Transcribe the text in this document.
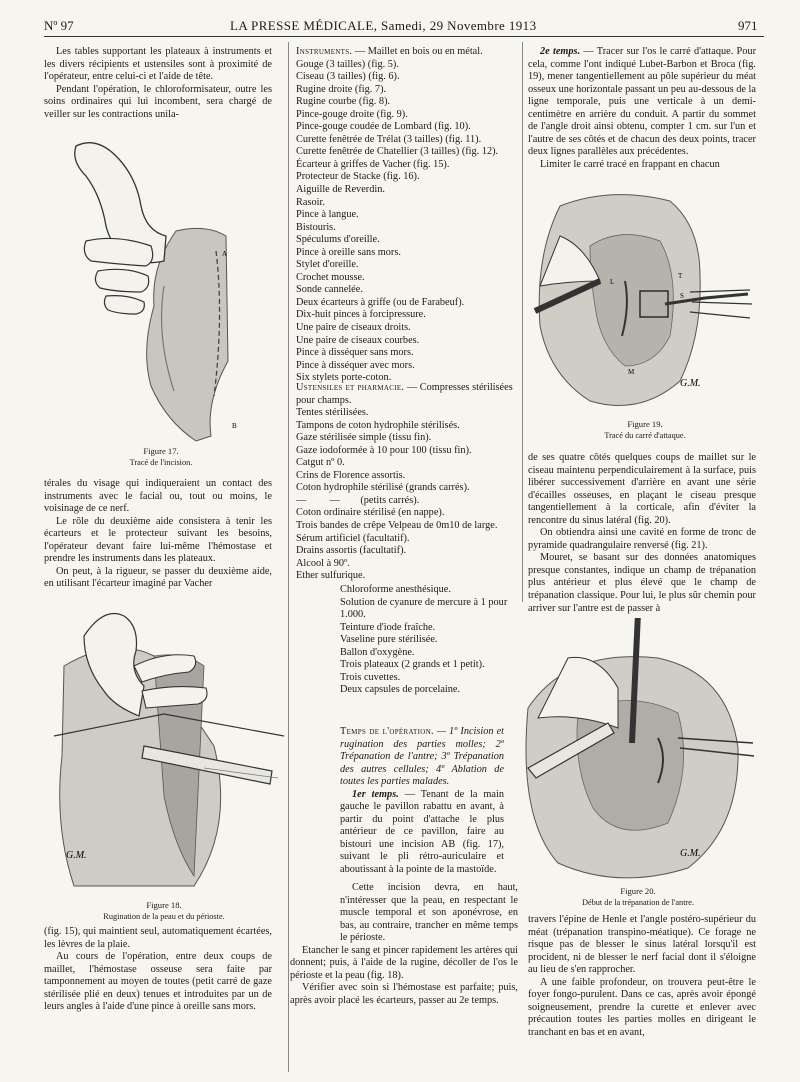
Nº 97	LA PRESSE MÉDICALE, Samedi, 29 Novembre 1913	971

Les tables supportant les plateaux à instruments et les divers récipients et ustensiles sont à proximité de l'opérateur, entre celui-ci et l'aide de tête.

Pendant l'opération, le chloroformisateur, outre les soins ordinaires qui lui incombent, sera chargé de veiller sur les contractions unila-

A
B
Figure 17.
Tracé de l'incision.

térales du visage qui indiqueraient un contact des instruments avec le facial ou, tout ou moins, le voisinage de ce nerf.

Le rôle du deuxième aide consistera à tenir les écarteurs et le protecteur suivant les besoins, l'opérateur devant faire lui-même l'hémostase et prendre les instruments dans les plateaux.

On peut, à la rigueur, se passer du deuxième aide, en utilisant l'écarteur imaginé par Vacher

G.M.
Figure 18.
Rugination de la peau et du périoste.

(fig. 15), qui maintient seul, automatiquement écartées, les lèvres de la plaie.

Au cours de l'opération, entre deux coups de maillet, l'hémostase osseuse sera faite par tamponnement au moyen de toutes (petit carré de gaze stérilisée plié en deux) tenues et introduites par un de leurs angles à l'aide d'une pince à oreille sans mors.

Instruments. — Maillet en bois ou en métal.
Gouge (3 tailles) (fig. 5).
Ciseau (3 tailles) (fig. 6).
Rugine droite (fig. 7).
Rugine courbe (fig. 8).
Pince-gouge droite (fig. 9).
Pince-gouge coudée de Lombard (fig. 10).
Curette fenêtrée de Trélat (3 tailles) (fig. 11).
Curette fenêtrée de Chatellier (3 tailles) (fig. 12).
Écarteur à griffes de Vacher (fig. 15).
Protecteur de Stacke (fig. 16).
Aiguille de Reverdin.
Rasoir.
Pince à langue.
Bistouris.
Spéculums d'oreille.
Pince à oreille sans mors.
Stylet d'oreille.
Crochet mousse.
Sonde cannelée.
Deux écarteurs à griffe (ou de Farabeuf).
Dix-huit pinces à forcipressure.
Une paire de ciseaux droits.
Une paire de ciseaux courbes.
Pince à disséquer sans mors.
Pince à disséquer avec mors.
Six stylets porte-coton.
Ustensiles et pharmacie. — Compresses stérilisées pour champs.
Tentes stérilisées.
Tampons de coton hydrophile stérilisés.
Gaze stérilisée simple (tissu fin).
Gaze iodoformée à 10 pour 100 (tissu fin).
Catgut nº 0.
Crins de Florence assortis.
Coton hydrophile stérilisé (grands carrés).
—         —        (petits carrés).
Coton ordinaire stérilisé (en nappe).
Trois bandes de crêpe Velpeau de 0m10 de large.
Sérum artificiel (facultatif).
Drains assortis (facultatif).
Alcool à 90º.
Ether sulfurique.
Chloroforme anesthésique.
Solution de cyanure de mercure à 1 pour 1.000.
Teinture d'iode fraîche.
Vaseline pure stérilisée.
Ballon d'oxygène.
Trois plateaux (2 grands et 1 petit).
Trois cuvettes.
Deux capsules de porcelaine.

Temps de l'opération. — 1º Incision et rugination des parties molles; 2º Trépanation de l'antre; 3º Trépanation des autres cellules; 4º Ablation de toutes les parties malades.

1er temps. — Tenant de la main gauche le pavillon rabattu en avant, à partir du point d'attache le plus antérieur de ce pavillon, faire au bistouri une incision AB (fig. 17), suivant le pli rétro-auriculaire et aboutissant à la pointe de la mastoïde.

Cette incision devra, en haut, n'intéresser que la peau, en respectant le muscle temporal et son aponévrose, en bas, au contraire, trancher en même temps le périoste.

Etancher le sang et pincer rapidement les artères qui donnent; puis, à l'aide de la rugine, décoller de l'os le périoste et la peau (fig. 18).

Vérifier avec soin si l'hémostase est parfaite; puis, après avoir placé les écarteurs, passer au 2e temps.

2e temps. — Tracer sur l'os le carré d'attaque. Pour cela, comme l'ont indiqué Lubet-Barbon et Broca (fig. 19), mener tangentiellement au pôle supérieur du méat osseux une horizontale passant un peu au-dessous de la ligne temporale, puis une verticale à un demi-centimètre en arrière du conduit. A partir du sommet de l'angle droit ainsi obtenu, compter 1 cm. sur l'un et l'autre de ses côtés et de chacun des deux points, tracer deux lignes parallèles aux précédentes.

Limiter le carré tracé en frappant en chacun

L
T
S
M
G.M.
Figure 19.
Tracé du carré d'attaque.

de ses quatre côtés quelques coups de maillet sur le ciseau maintenu perpendiculairement à la surface, puis libérer successivement d'arrière en avant une série d'écailles osseuses, en plaçant le ciseau presque tangentiellement à la corticale, afin d'éviter la rencontre du sinus latéral (fig. 20).

On obtiendra ainsi une cavité en forme de tronc de pyramide quadrangulaire renversé (fig. 21).

Mouret, se basant sur des données anatomiques presque constantes, indique un champ de trépanation plus antérieur et plus élevé que le champ de trépanation classique. Pour lui, le plus sûr chemin pour arriver sur l'antre est de passer à

G.M.
Figure 20.
Début de la trépanation de l'antre.

travers l'épine de Henle et l'angle postéro-supérieur du méat (trépanation transpino-méatique). Ce forage ne risque pas de blesser le sinus latéral lorsqu'il est procident, ni de blesser le nerf facial dont il s'éloigne au lieu de s'en rapprocher.

A une faible profondeur, on trouvera peut-être le foyer fongo-purulent. Dans ce cas, après avoir épongé soigneusement, prendre la curette et enlever avec précaution toutes les parties molles en dirigeant le tranchant en bas et en avant,
